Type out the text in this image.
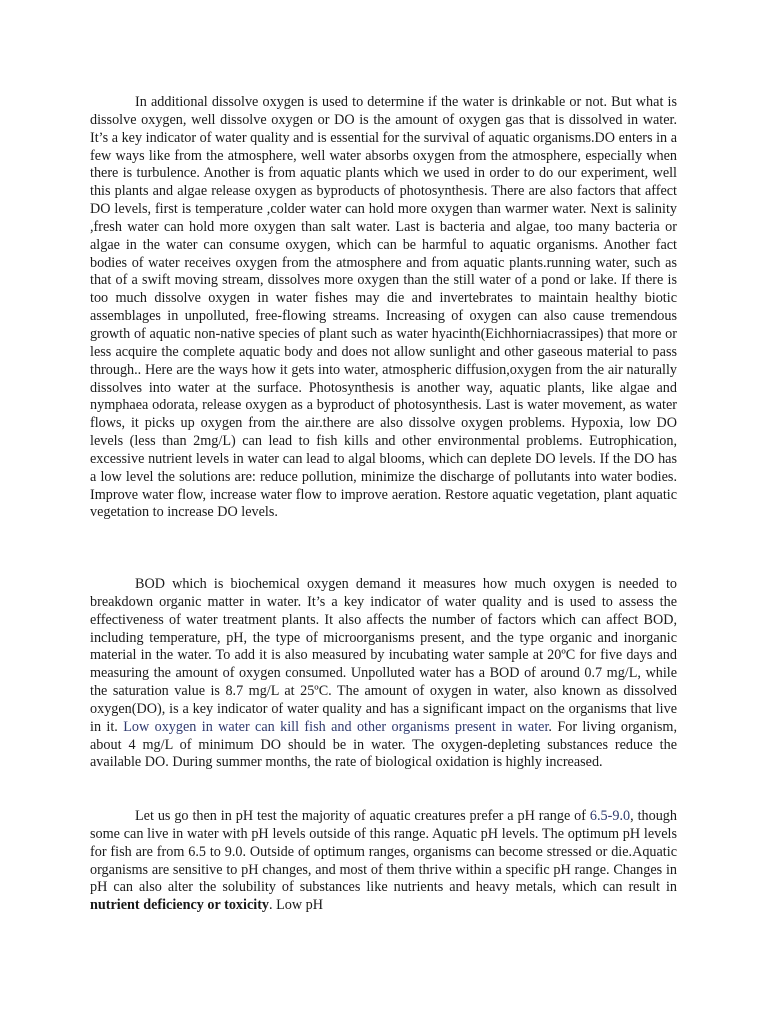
In additional dissolve oxygen is used to determine if the water is drinkable or not. But what is dissolve oxygen, well dissolve oxygen or DO is the amount of oxygen gas that is dissolved in water. It’s a key indicator of water quality and is essential for the survival of aquatic organisms.DO enters in a few ways like from the atmosphere, well water absorbs oxygen from the atmosphere, especially when there is turbulence. Another is from aquatic plants which we used in order to do our experiment, well this plants and algae release oxygen as byproducts of photosynthesis. There are also factors that affect DO levels, first is temperature ,colder water can hold more oxygen than warmer water. Next is salinity ,fresh water can hold more oxygen than salt water. Last is bacteria and algae, too many bacteria or algae in the water can consume oxygen, which can be harmful to aquatic organisms. Another fact bodies of water receives oxygen from the atmosphere and from aquatic plants.running water, such as that of a swift moving stream, dissolves more oxygen than the still water of a pond or lake. If there is too much dissolve oxygen in water fishes may die and invertebrates to maintain healthy biotic assemblages in unpolluted, free-flowing streams. Increasing of oxygen can also cause tremendous growth of aquatic non-native species of plant such as water hyacinth(Eichhorniacrassipes) that more or less acquire the complete aquatic body and does not allow sunlight and other gaseous material to pass through.. Here are the ways how it gets into water, atmospheric diffusion,oxygen from the air naturally dissolves into water at the surface. Photosynthesis is another way, aquatic plants, like algae and nymphaea odorata, release oxygen as a byproduct of photosynthesis. Last is water movement, as water flows, it picks up oxygen from the air.there are also dissolve oxygen problems. Hypoxia, low DO levels (less than 2mg/L) can lead to fish kills and other environmental problems. Eutrophication, excessive nutrient levels in water can lead to algal blooms, which can deplete DO levels. If the DO has a low level the solutions are: reduce pollution, minimize the discharge of pollutants into water bodies. Improve water flow, increase water flow to improve aeration. Restore aquatic vegetation, plant aquatic vegetation to increase DO levels.

BOD which is biochemical oxygen demand it measures how much oxygen is needed to breakdown organic matter in water. It’s a key indicator of water quality and is used to assess the effectiveness of water treatment plants. It also affects the number of factors which can affect BOD, including temperature, pH, the type of microorganisms present, and the type organic and inorganic material in the water. To add it is also measured by incubating water sample at 20ºC for five days and measuring the amount of oxygen consumed. Unpolluted water has a BOD of around 0.7 mg/L, while the saturation value is 8.7 mg/L at 25ºC. The amount of oxygen in water, also known as dissolved oxygen(DO), is a key indicator of water quality and has a significant impact on the organisms that live in it. Low oxygen in water can kill fish and other organisms present in water. For living organism, about 4 mg/L of minimum DO should be in water. The oxygen-depleting substances reduce the available DO. During summer months, the rate of biological oxidation is highly increased.

Let us go then in pH test the majority of aquatic creatures prefer a pH range of 6.5-9.0, though some can live in water with pH levels outside of this range. Aquatic pH levels. The optimum pH levels for fish are from 6.5 to 9.0. Outside of optimum ranges, organisms can become stressed or die.Aquatic organisms are sensitive to pH changes, and most of them thrive within a specific pH range. Changes in pH can also alter the solubility of substances like nutrients and heavy metals, which can result in nutrient deficiency or toxicity. Low pH
